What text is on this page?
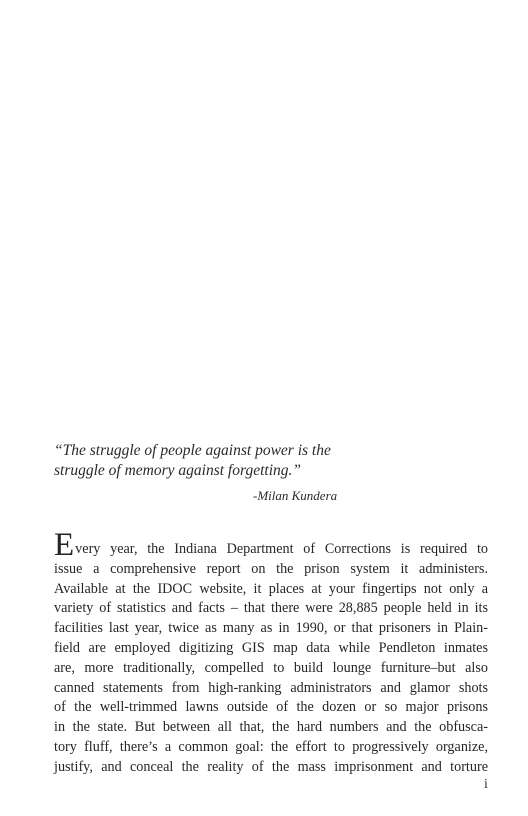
“The struggle of people against power is the
struggle of memory against forgetting.”

-Milan Kundera
Every year, the Indiana Department of Corrections is required to
issue a comprehensive report on the prison system it administers.
Available at the IDOC website, it places at your fingertips not only a
variety of statistics and facts – that there were 28,885 people held in its
facilities last year, twice as many as in 1990, or that prisoners in Plain-
field are employed digitizing GIS map data while Pendleton inmates
are, more traditionally, compelled to build lounge furniture–but also
canned statements from high-ranking administrators and glamor shots
of the well-trimmed lawns outside of the dozen or so major prisons
in the state. But between all that, the hard numbers and the obfusca-
tory fluff, there’s a common goal: the effort to progressively organize,
justify, and conceal the reality of the mass imprisonment and torture
i
